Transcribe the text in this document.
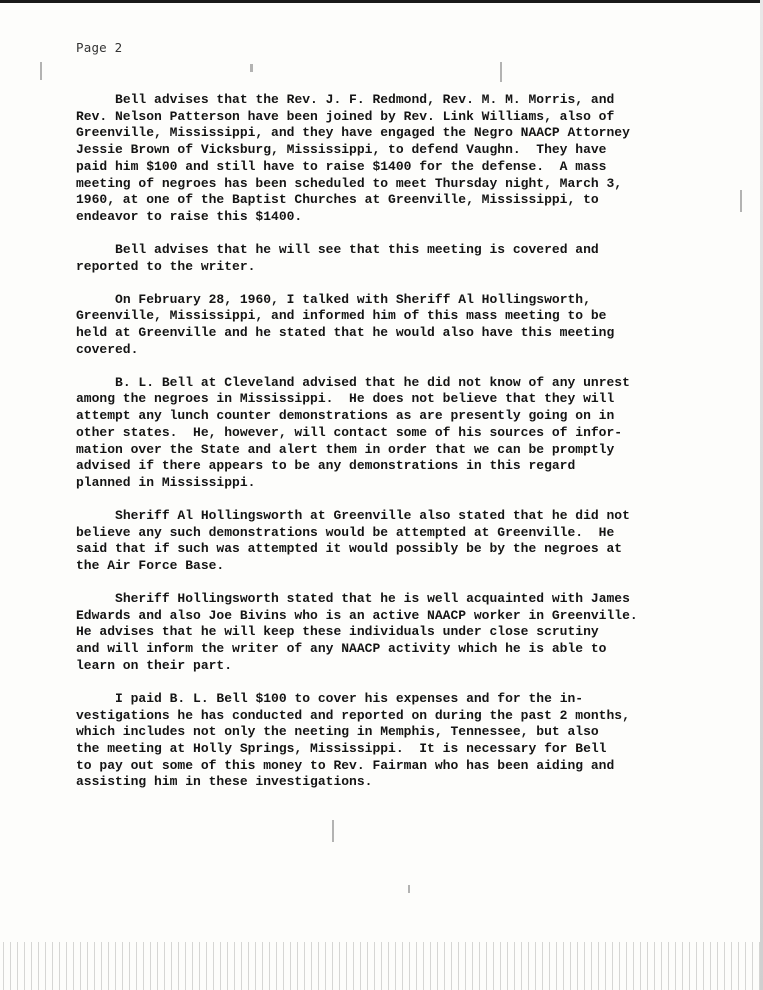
Page 2

Bell advises that the Rev. J. F. Redmond, Rev. M. M. Morris, and
Rev. Nelson Patterson have been joined by Rev. Link Williams, also of
Greenville, Mississippi, and they have engaged the Negro NAACP Attorney
Jessie Brown of Vicksburg, Mississippi, to defend Vaughn.  They have
paid him $100 and still have to raise $1400 for the defense.  A mass
meeting of negroes has been scheduled to meet Thursday night, March 3,
1960, at one of the Baptist Churches at Greenville, Mississippi, to
endeavor to raise this $1400.

Bell advises that he will see that this meeting is covered and
reported to the writer.

On February 28, 1960, I talked with Sheriff Al Hollingsworth,
Greenville, Mississippi, and informed him of this mass meeting to be
held at Greenville and he stated that he would also have this meeting
covered.

B. L. Bell at Cleveland advised that he did not know of any unrest
among the negroes in Mississippi.  He does not believe that they will
attempt any lunch counter demonstrations as are presently going on in
other states.  He, however, will contact some of his sources of infor-
mation over the State and alert them in order that we can be promptly
advised if there appears to be any demonstrations in this regard
planned in Mississippi.

Sheriff Al Hollingsworth at Greenville also stated that he did not
believe any such demonstrations would be attempted at Greenville.  He
said that if such was attempted it would possibly be by the negroes at
the Air Force Base.

Sheriff Hollingsworth stated that he is well acquainted with James
Edwards and also Joe Bivins who is an active NAACP worker in Greenville.
He advises that he will keep these individuals under close scrutiny
and will inform the writer of any NAACP activity which he is able to
learn on their part.

I paid B. L. Bell $100 to cover his expenses and for the in-
vestigations he has conducted and reported on during the past 2 months,
which includes not only the neeting in Memphis, Tennessee, but also
the meeting at Holly Springs, Mississippi.  It is necessary for Bell
to pay out some of this money to Rev. Fairman who has been aiding and
assisting him in these investigations.
